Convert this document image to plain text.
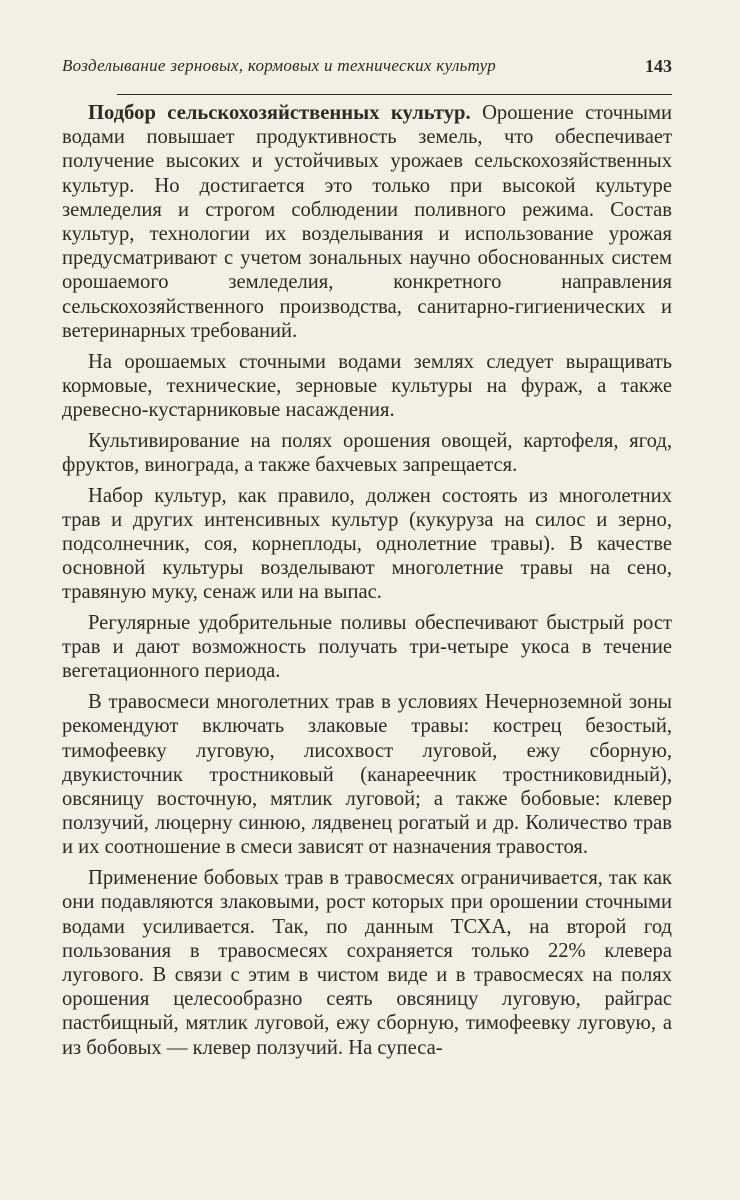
Возделывание зерновых, кормовых и технических культур	143

Подбор сельскохозяйственных культур. Орошение сточными водами повышает продуктивность земель, что обеспечивает получение высоких и устойчивых урожаев сельскохозяйственных культур. Но достигается это только при высокой культуре земледелия и строгом соблюдении поливного режима. Состав культур, технологии их возделывания и использование урожая предусматривают с учетом зональных научно обоснованных систем орошаемого земледелия, конкретного направления сельскохозяйственного производства, санитарно-гигиенических и ветеринарных требований.

На орошаемых сточными водами землях следует выращивать кормовые, технические, зерновые культуры на фураж, а также древесно-кустарниковые насаждения.

Культивирование на полях орошения овощей, картофеля, ягод, фруктов, винограда, а также бахчевых запрещается.

Набор культур, как правило, должен состоять из многолетних трав и других интенсивных культур (кукуруза на силос и зерно, подсолнечник, соя, корнеплоды, однолетние травы). В качестве основной культуры возделывают многолетние травы на сено, травяную муку, сенаж или на выпас.

Регулярные удобрительные поливы обеспечивают быстрый рост трав и дают возможность получать три-четыре укоса в течение вегетационного периода.

В травосмеси многолетних трав в условиях Нечерноземной зоны рекомендуют включать злаковые травы: кострец безостый, тимофеевку луговую, лисохвост луговой, ежу сборную, двукисточник тростниковый (канареечник тростниковидный), овсяницу восточную, мятлик луговой; а также бобовые: клевер ползучий, люцерну синюю, лядвенец рогатый и др. Количество трав и их соотношение в смеси зависят от назначения травостоя.

Применение бобовых трав в травосмесях ограничивается, так как они подавляются злаковыми, рост которых при орошении сточными водами усиливается. Так, по данным ТСХА, на второй год пользования в травосмесях сохраняется только 22% клевера лугового. В связи с этим в чистом виде и в травосмесях на полях орошения целесообразно сеять овсяницу луговую, райграс пастбищный, мятлик луговой, ежу сборную, тимофеевку луговую, а из бобовых — клевер ползучий. На супеса-
